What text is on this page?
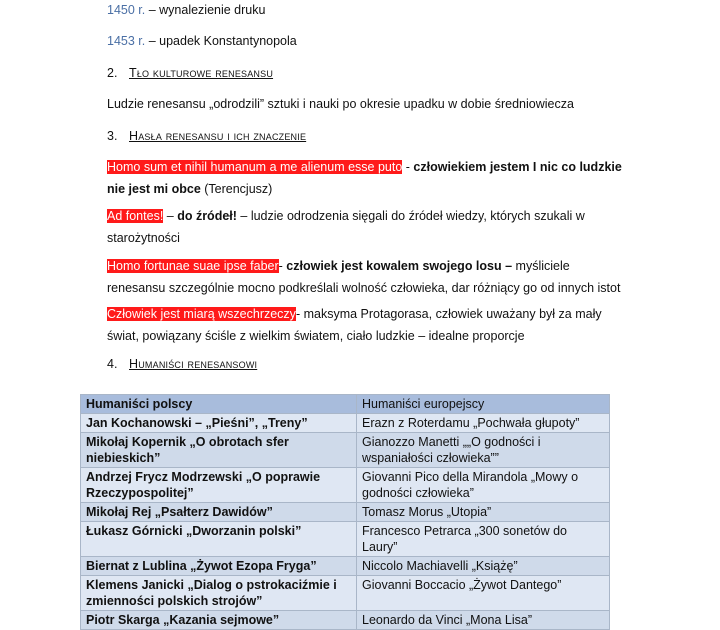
1450 r. – wynalezienie druku
1453 r. – upadek Konstantynopola
2. Tło kulturowe renesansu
Ludzie renesansu „odrodzili” sztuki i nauki po okresie upadku w dobie średniowiecza
3. Hasła renesansu i ich znaczenie
Homo sum et nihil humanum a me alienum esse puto - człowiekiem jestem I nic co ludzkie nie jest mi obce (Terencjusz)
Ad fontes! – do źródeł! – ludzie odrodzenia sięgali do źródeł wiedzy, których szukali w starożytności
Homo fortunae suae ipse faber- człowiek jest kowalem swojego losu – myśliciele renesansu szczególnie mocno podkreślali wolność człowieka, dar różniący go od innych istot
Człowiek jest miarą wszechrzeczy- maksyma Protagorasa, człowiek uważany był za mały świat, powiązany ściśle z wielkim światem, ciało ludzkie – idealne proporcje
4. Humaniści renesansowi
Humaniści polscy	Humaniści europejscy
Jan Kochanowski – „Pieśni”, „Treny”	Erazn z Roterdamu „Pochwała głupoty”
Mikołaj Kopernik „O obrotach sfer niebieskich”	Gianozzo Manetti „„O godności i wspaniałości człowieka””
Andrzej Frycz Modrzewski „O poprawie Rzeczypospolitej”	Giovanni Pico della Mirandola „Mowy o godności człowieka”
Mikołaj Rej „Psałterz Dawidów”	Tomasz Morus „Utopia”
Łukasz Górnicki „Dworzanin polski”	Francesco Petrarca „300 sonetów do Laury”
Biernat z Lublina „Żywot Ezopa Fryga”	Niccolo Machiavelli „Książę”
Klemens Janicki „Dialog o pstrokaciźmie i zmienności polskich strojów”	Giovanni Boccacio „Żywot Dantego”
Piotr Skarga „Kazania sejmowe”	Leonardo da Vinci „Mona Lisa”
